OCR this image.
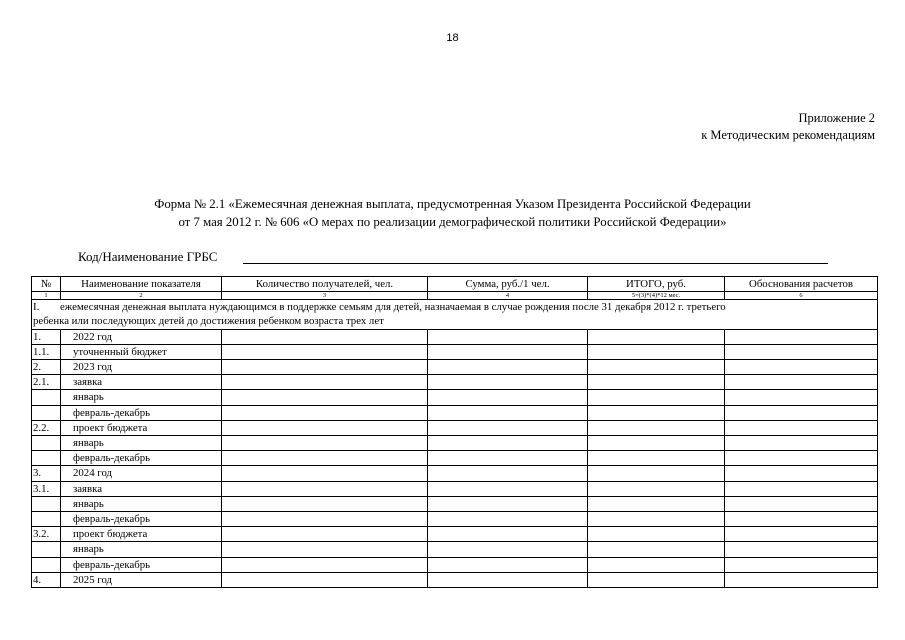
18
Приложение 2
к Методическим рекомендациям
Форма № 2.1 «Ежемесячная денежная выплата, предусмотренная Указом Президента Российской Федерации
от 7 мая 2012 г. № 606 «О мерах по реализации демографической политики Российской Федерации»
Код/Наименование ГРБС
№	Наименование показателя	Количество получателей, чел.	Сумма, руб./1 чел.	ИТОГО, руб.	Обоснования расчетов
1	2	3	4	5=(3)*(4)*12 мес.	6

I. ежемесячная денежная выплата нуждающимся в поддержке семьям для детей, назначаемая в случае рождения после 31 декабря 2012 г. третьего
ребенка или последующих детей до достижения ребенком возраста трех лет					

1.	2022 год				
1.1.	уточненный бюджет				
2.	2023 год				
2.1.	заявка				
	январь				
	февраль-декабрь				
2.2.	проект бюджета				
	январь				
	февраль-декабрь				
3.	2024 год				
3.1.	заявка				
	январь				
	февраль-декабрь				
3.2.	проект бюджета				
	январь				
	февраль-декабрь				
4.	2025 год				
